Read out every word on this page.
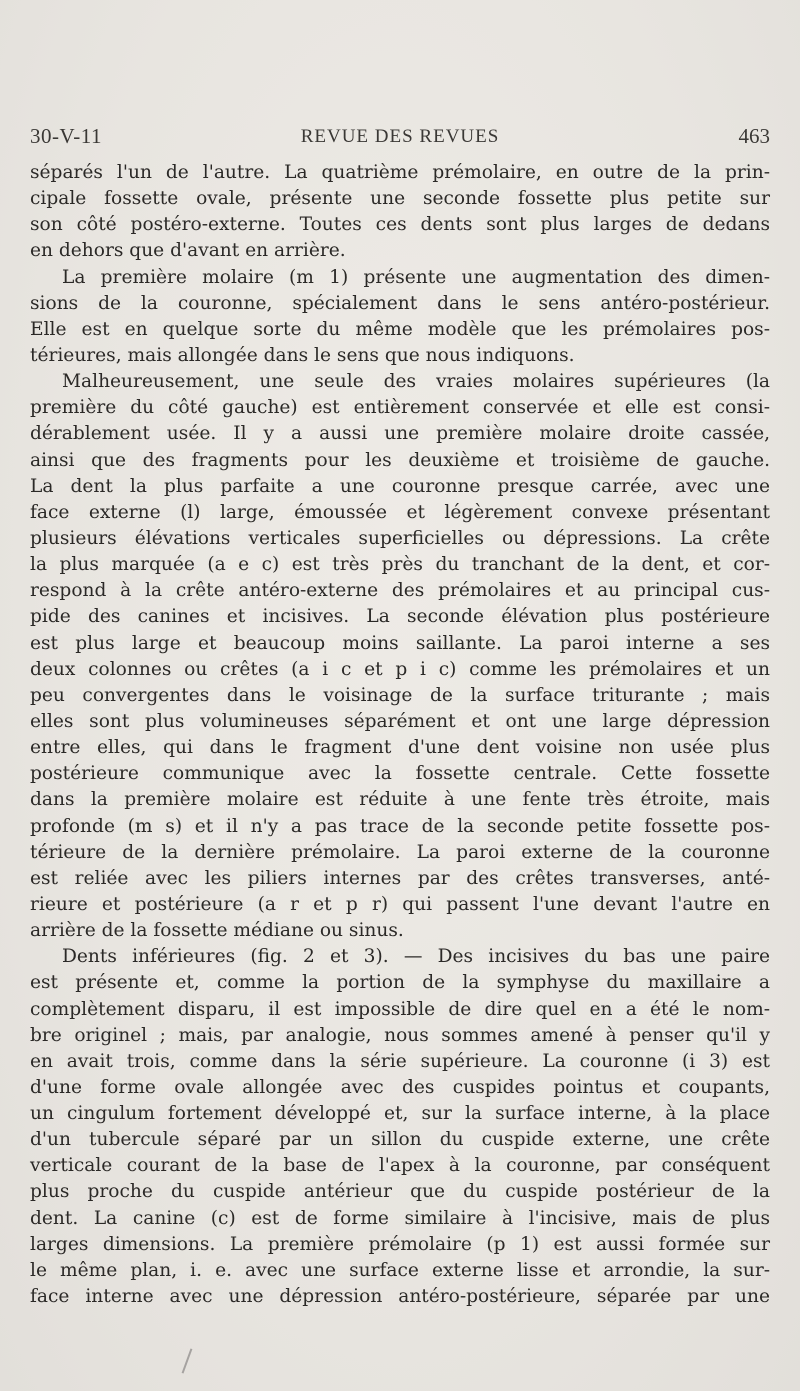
30-V-11	REVUE DES REVUES	463
séparés l'un de l'autre. La quatrième prémolaire, en outre de la prin-
cipale fossette ovale, présente une seconde fossette plus petite sur
son côté postéro-externe. Toutes ces dents sont plus larges de dedans
en dehors que d'avant en arrière.
La première molaire (m 1) présente une augmentation des dimen-
sions de la couronne, spécialement dans le sens antéro-postérieur.
Elle est en quelque sorte du même modèle que les prémolaires pos-
térieures, mais allongée dans le sens que nous indiquons.
Malheureusement, une seule des vraies molaires supérieures (la
première du côté gauche) est entièrement conservée et elle est consi-
dérablement usée. Il y a aussi une première molaire droite cassée,
ainsi que des fragments pour les deuxième et troisième de gauche.
La dent la plus parfaite a une couronne presque carrée, avec une
face externe (l) large, émoussée et légèrement convexe présentant
plusieurs élévations verticales superficielles ou dépressions. La crête
la plus marquée (a e c) est très près du tranchant de la dent, et cor-
respond à la crête antéro-externe des prémolaires et au principal cus-
pide des canines et incisives. La seconde élévation plus postérieure
est plus large et beaucoup moins saillante. La paroi interne a ses
deux colonnes ou crêtes (a i c et p i c) comme les prémolaires et un
peu convergentes dans le voisinage de la surface triturante ; mais
elles sont plus volumineuses séparément et ont une large dépression
entre elles, qui dans le fragment d'une dent voisine non usée plus
postérieure communique avec la fossette centrale. Cette fossette
dans la première molaire est réduite à une fente très étroite, mais
profonde (m s) et il n'y a pas trace de la seconde petite fossette pos-
térieure de la dernière prémolaire. La paroi externe de la couronne
est reliée avec les piliers internes par des crêtes transverses, anté-
rieure et postérieure (a r et p r) qui passent l'une devant l'autre en
arrière de la fossette médiane ou sinus.
Dents inférieures (fig. 2 et 3). — Des incisives du bas une paire
est présente et, comme la portion de la symphyse du maxillaire a
complètement disparu, il est impossible de dire quel en a été le nom-
bre originel ; mais, par analogie, nous sommes amené à penser qu'il y
en avait trois, comme dans la série supérieure. La couronne (i 3) est
d'une forme ovale allongée avec des cuspides pointus et coupants,
un cingulum fortement développé et, sur la surface interne, à la place
d'un tubercule séparé par un sillon du cuspide externe, une crête
verticale courant de la base de l'apex à la couronne, par conséquent
plus proche du cuspide antérieur que du cuspide postérieur de la
dent. La canine (c) est de forme similaire à l'incisive, mais de plus
larges dimensions. La première prémolaire (p 1) est aussi formée sur
le même plan, i. e. avec une surface externe lisse et arrondie, la sur-
face interne avec une dépression antéro-postérieure, séparée par une
